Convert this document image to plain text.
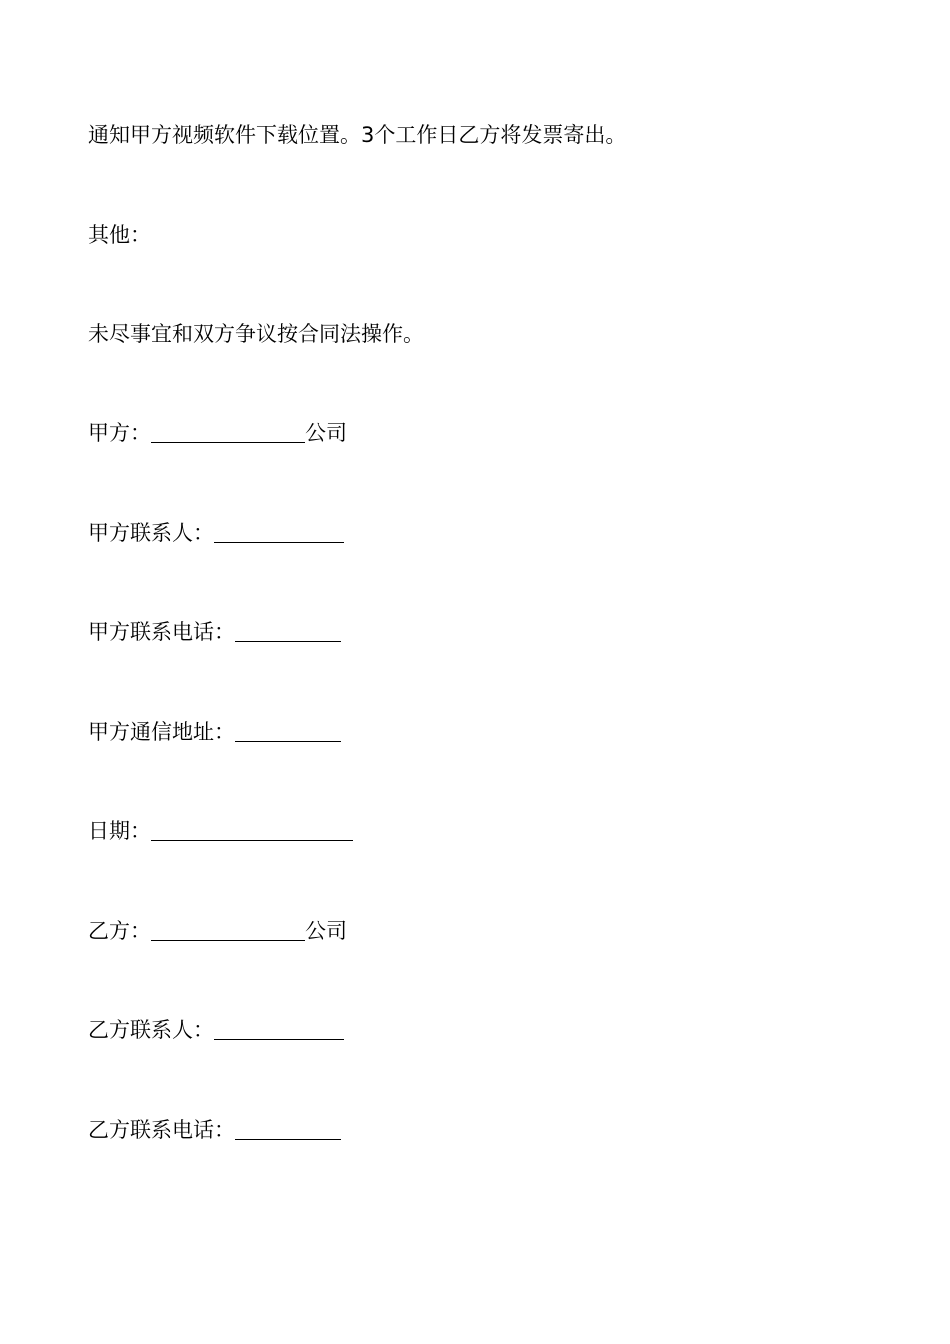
通知甲方视频软件下载位置。3个工作日乙方将发票寄出。
其他：
未尽事宜和双方争议按合同法操作。
甲方：	公司
甲方联系人：
甲方联系电话：
甲方通信地址：
日期：
乙方：	公司
乙方联系人：
乙方联系电话：
